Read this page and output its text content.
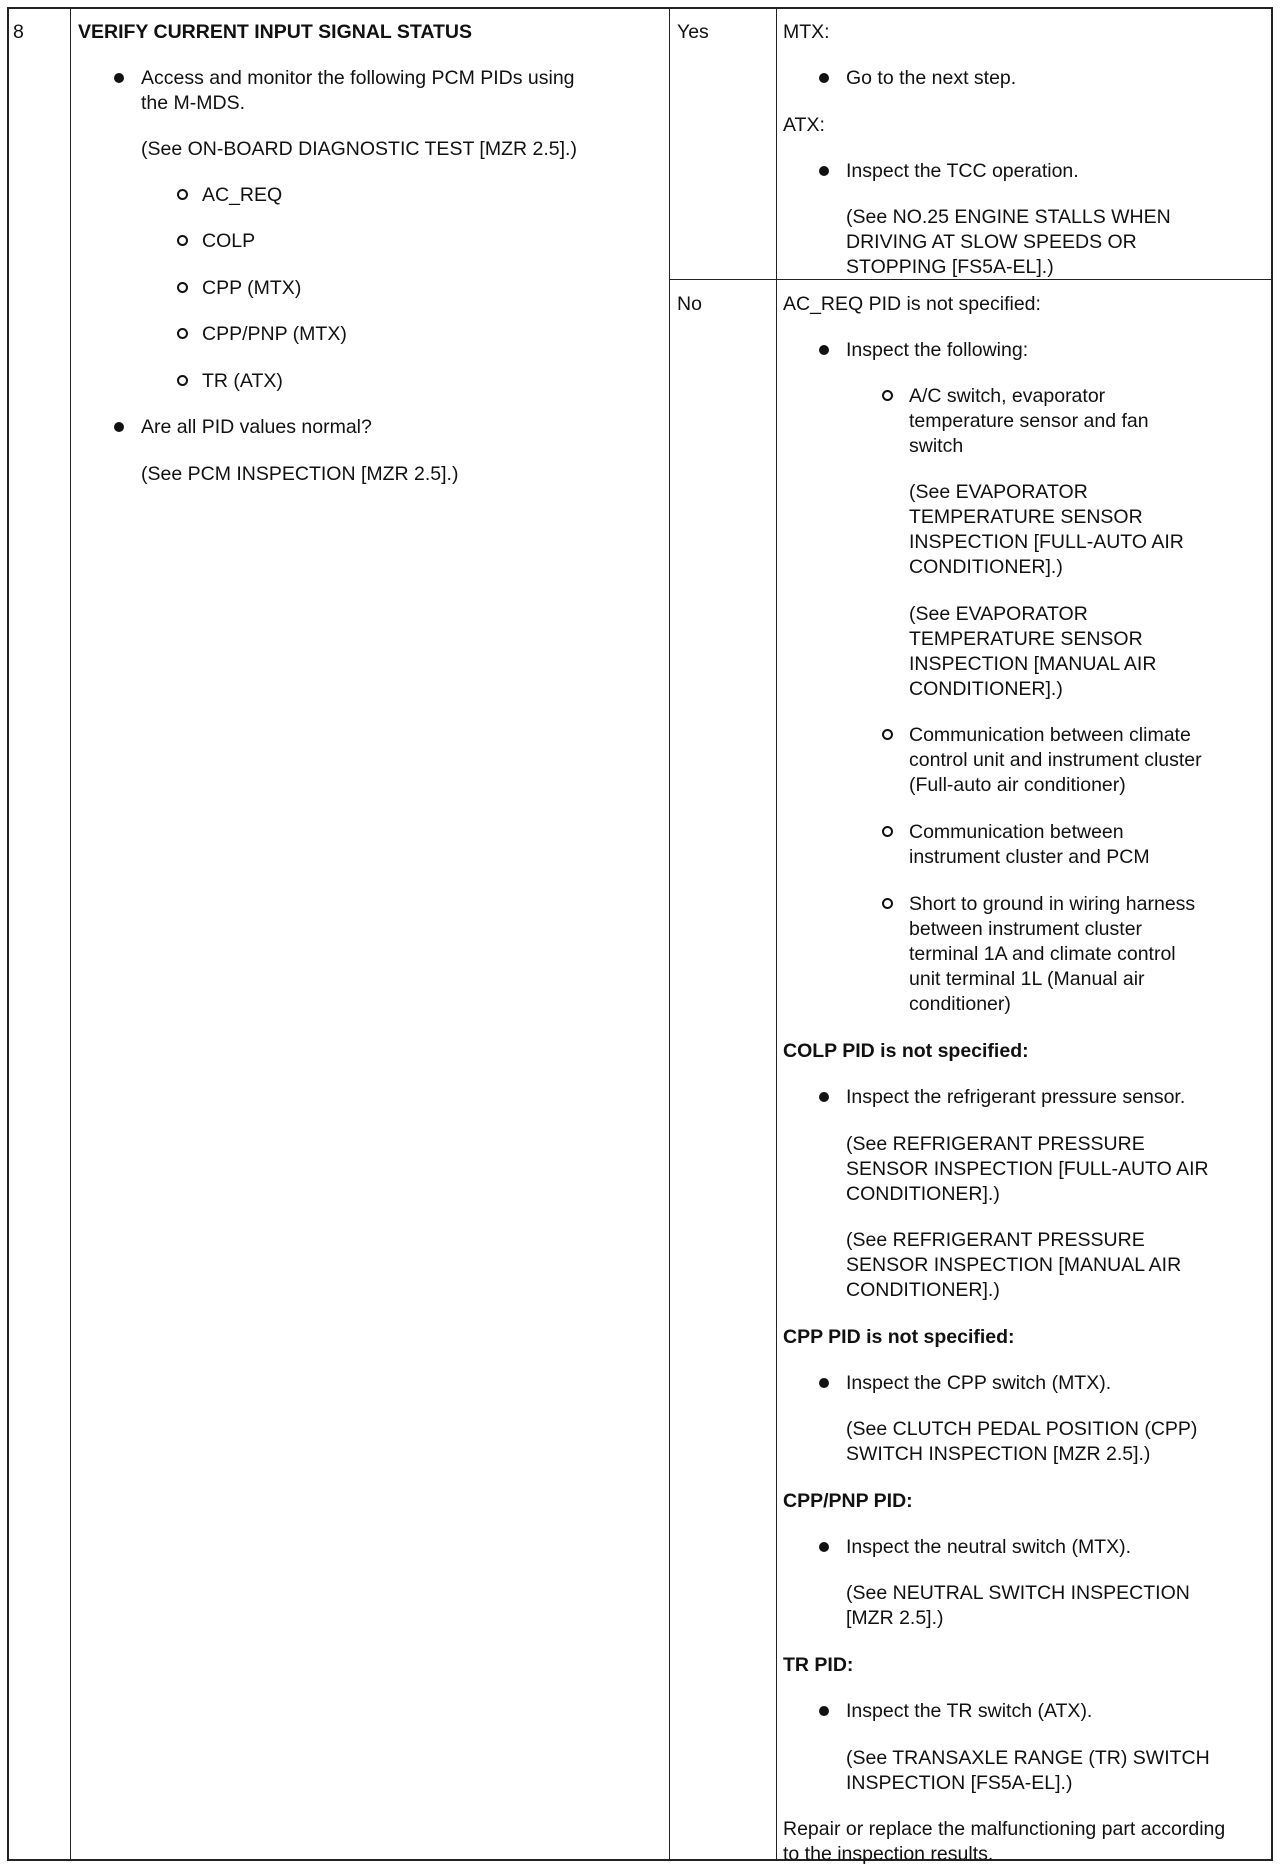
8	VERIFY CURRENT INPUT SIGNAL STATUS
Access and monitor the following PCM PIDs using
the M-MDS.
(See ON-BOARD DIAGNOSTIC TEST [MZR 2.5].)
AC_REQ
COLP
CPP (MTX)
CPP/PNP (MTX)
TR (ATX)
Are all PID values normal?
(See PCM INSPECTION [MZR 2.5].)
Yes
No
MTX:
Go to the next step.
ATX:
Inspect the TCC operation.
(See NO.25 ENGINE STALLS WHEN
DRIVING AT SLOW SPEEDS OR
STOPPING [FS5A-EL].)
AC_REQ PID is not specified:
Inspect the following:
A/C switch, evaporator
temperature sensor and fan
switch
(See EVAPORATOR
TEMPERATURE SENSOR
INSPECTION [FULL-AUTO AIR
CONDITIONER].)
(See EVAPORATOR
TEMPERATURE SENSOR
INSPECTION [MANUAL AIR
CONDITIONER].)
Communication between climate
control unit and instrument cluster
(Full-auto air conditioner)
Communication between
instrument cluster and PCM
Short to ground in wiring harness
between instrument cluster
terminal 1A and climate control
unit terminal 1L (Manual air
conditioner)
COLP PID is not specified:
Inspect the refrigerant pressure sensor.
(See REFRIGERANT PRESSURE
SENSOR INSPECTION [FULL-AUTO AIR
CONDITIONER].)
(See REFRIGERANT PRESSURE
SENSOR INSPECTION [MANUAL AIR
CONDITIONER].)
CPP PID is not specified:
Inspect the CPP switch (MTX).
(See CLUTCH PEDAL POSITION (CPP)
SWITCH INSPECTION [MZR 2.5].)
CPP/PNP PID:
Inspect the neutral switch (MTX).
(See NEUTRAL SWITCH INSPECTION
[MZR 2.5].)
TR PID:
Inspect the TR switch (ATX).
(See TRANSAXLE RANGE (TR) SWITCH
INSPECTION [FS5A-EL].)
Repair or replace the malfunctioning part according
to the inspection results.
